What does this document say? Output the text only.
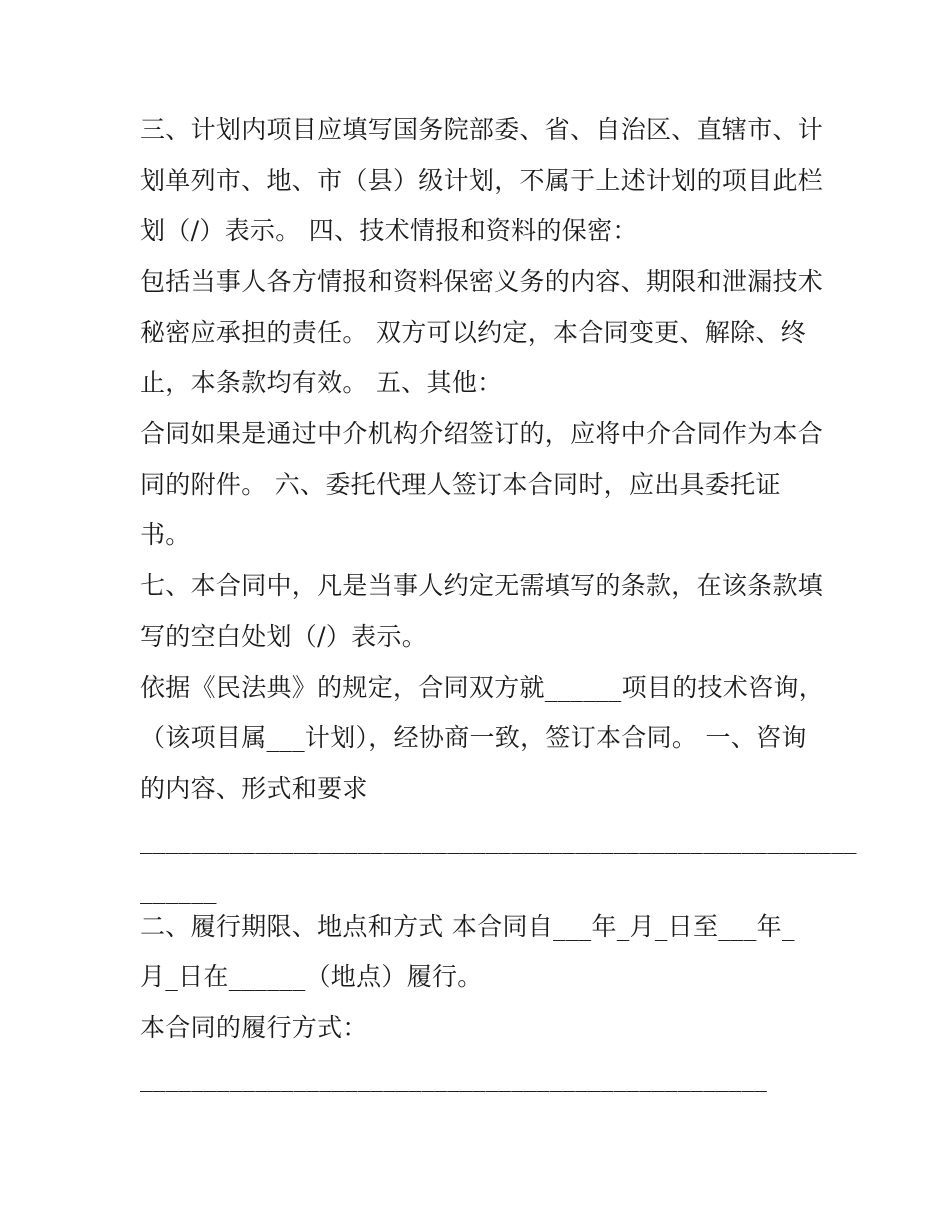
三、计划内项目应填写国务院部委、省、自治区、直辖市、计
划单列市、地、市（县）级计划，不属于上述计划的项目此栏
划（/）表示。 四、技术情报和资料的保密：
包括当事人各方情报和资料保密义务的内容、期限和泄漏技术
秘密应承担的责任。 双方可以约定，本合同变更、解除、终
止，本条款均有效。 五、其他：
合同如果是通过中介机构介绍签订的，应将中介合同作为本合
同的附件。 六、委托代理人签订本合同时，应出具委托证
书。
七、本合同中，凡是当事人约定无需填写的条款，在该条款填
写的空白处划（/）表示。
依据《民法典》的规定，合同双方就______项目的技术咨询，
（该项目属___计划），经协商一致，签订本合同。 一、咨询
的内容、形式和要求
________________________________________________________
______
二、履行期限、地点和方式 本合同自___年_月_日至___年_
月_日在______（地点）履行。
本合同的履行方式：
_________________________________________________
